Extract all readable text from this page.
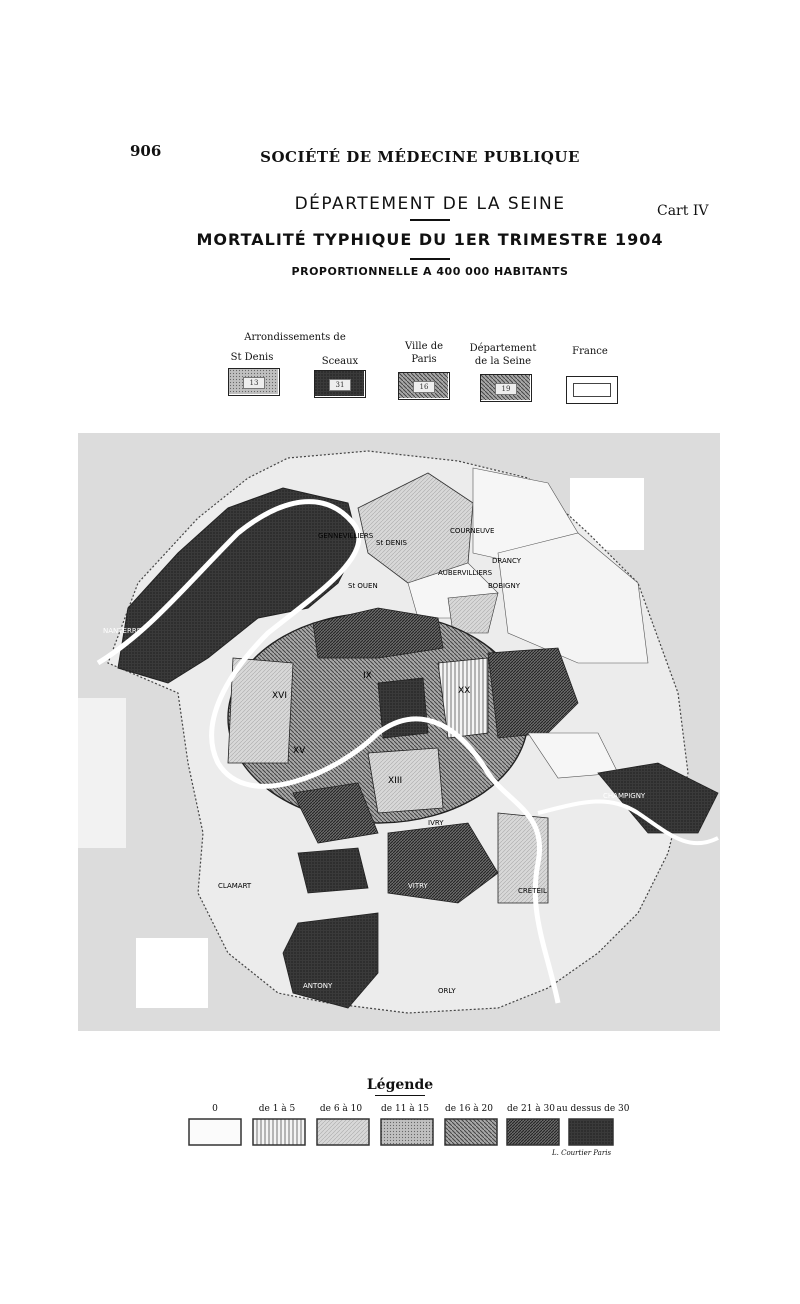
906	SOCIÉTÉ DE MÉDECINE PUBLIQUE
DÉPARTEMENT DE LA SEINE	Cart IV
MORTALITÉ TYPHIQUE DU 1ER TRIMESTRE 1904
PROPORTIONNELLE A 400 000 HABITANTS
Arrondissements de
St Denis	Sceaux
Ville de Paris
Département de la Seine
France
13	31	16	19
GENNEVILLIERS
NANTERRE
St DENIS
COURNEUVE
DRANCY
BOBIGNY
AUBERVILLIERS
St OUEN
IX
XX
XIII
XVI
XV
CHAMPIGNY
IVRY
VITRY
ANTONY
CRÉTEIL
ORLY
CLAMART
Légende
0	de 1 à 5	de 6 à 10	de 11 à 15	de 16 à 20	de 21 à 30 au dessus de 30
L. Courtier Paris
